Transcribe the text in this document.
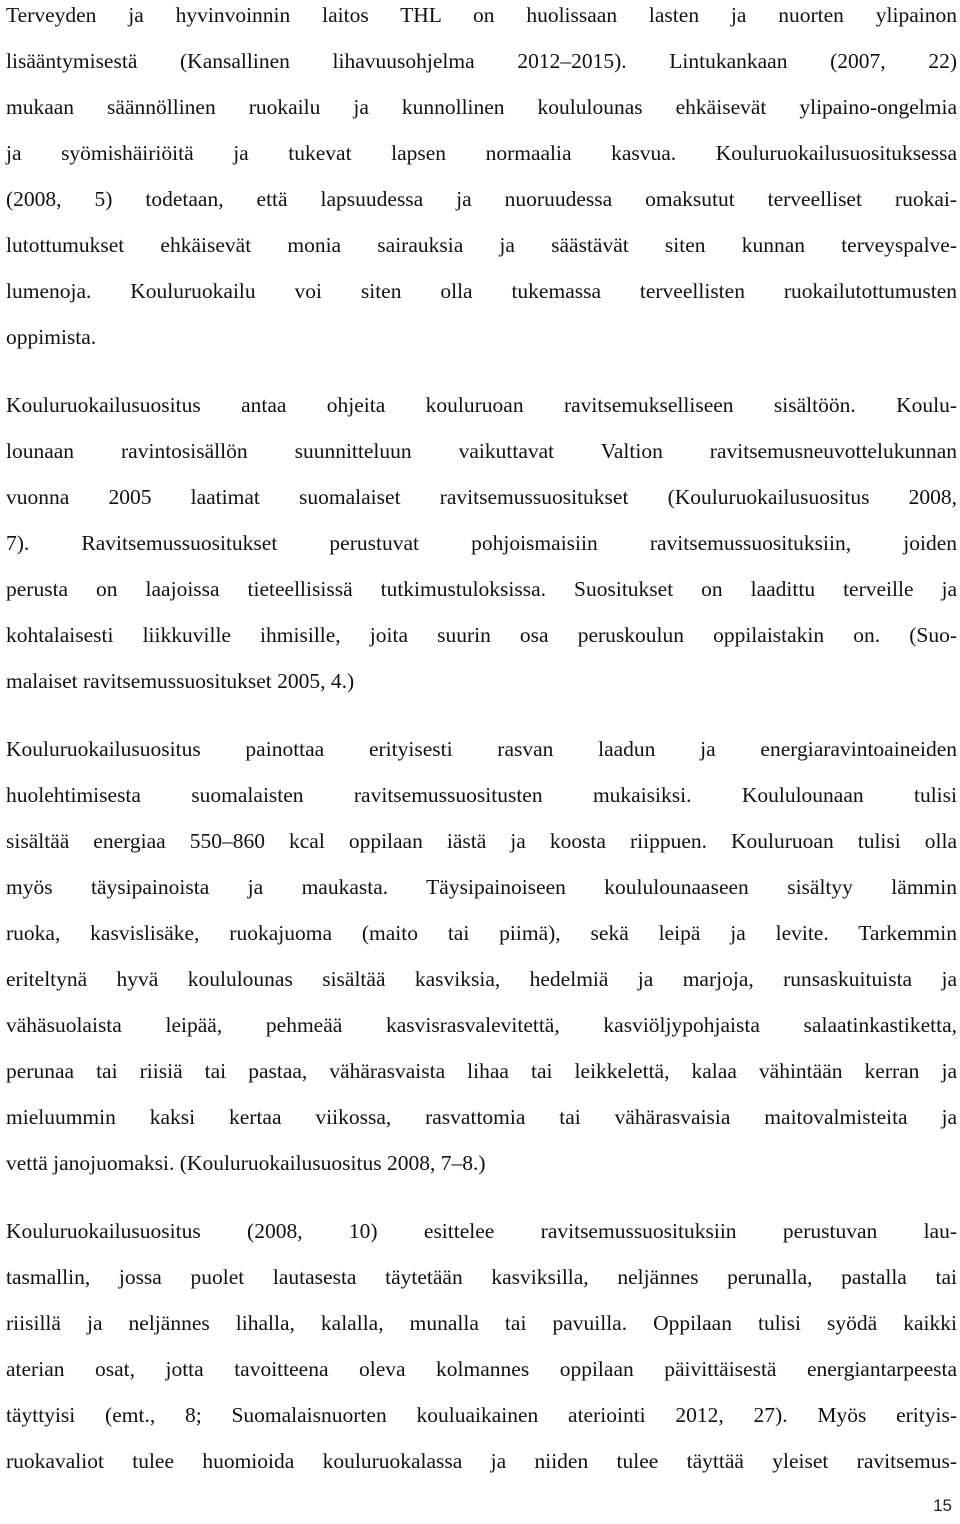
Terveyden ja hyvinvoinnin laitos THL on huolissaan lasten ja nuorten ylipainon
lisääntymisestä (Kansallinen lihavuusohjelma 2012–2015). Lintukankaan (2007, 22)
mukaan säännöllinen ruokailu ja kunnollinen koululounas ehkäisevät ylipaino-ongelmia
ja syömishäiriöitä ja tukevat lapsen normaalia kasvua. Kouluruokailusuosituksessa
(2008, 5) todetaan, että lapsuudessa ja nuoruudessa omaksutut terveelliset ruokai-
lutottumukset ehkäisevät monia sairauksia ja säästävät siten kunnan terveyspalve-
lumenoja. Kouluruokailu voi siten olla tukemassa terveellisten ruokailutottumusten
oppimista.
Kouluruokailusuositus antaa ohjeita kouluruoan ravitsemukselliseen sisältöön. Koulu-
lounaan ravintosisällön suunnitteluun vaikuttavat Valtion ravitsemusneuvottelukunnan
vuonna 2005 laatimat suomalaiset ravitsemussuositukset (Kouluruokailusuositus 2008,
7). Ravitsemussuositukset perustuvat pohjoismaisiin ravitsemussuosituksiin, joiden
perusta on laajoissa tieteellisissä tutkimustuloksissa. Suositukset on laadittu terveille ja
kohtalaisesti liikkuville ihmisille, joita suurin osa peruskoulun oppilaistakin on. (Suo-
malaiset ravitsemussuositukset 2005, 4.)
Kouluruokailusuositus painottaa erityisesti rasvan laadun ja energiaravintoaineiden
huolehtimisesta suomalaisten ravitsemussuositusten mukaisiksi. Koululounaan tulisi
sisältää energiaa 550–860 kcal oppilaan iästä ja koosta riippuen. Kouluruoan tulisi olla
myös täysipainoista ja maukasta. Täysipainoiseen koululounaaseen sisältyy lämmin
ruoka, kasvislisäke, ruokajuoma (maito tai piimä), sekä leipä ja levite. Tarkemmin
eriteltynä hyvä koululounas sisältää kasviksia, hedelmiä ja marjoja, runsaskuituista ja
vähäsuolaista leipää, pehmeää kasvisrasvalevitettä, kasviöljypohjaista salaatinkastiketta,
perunaa tai riisiä tai pastaa, vähärasvaista lihaa tai leikkelettä, kalaa vähintään kerran ja
mieluummin kaksi kertaa viikossa, rasvattomia tai vähärasvaisia maitovalmisteita ja
vettä janojuomaksi. (Kouluruokailusuositus 2008, 7–8.)
Kouluruokailusuositus (2008, 10) esittelee ravitsemussuosituksiin perustuvan lau-
tasmallin, jossa puolet lautasesta täytetään kasviksilla, neljännes perunalla, pastalla tai
riisillä ja neljännes lihalla, kalalla, munalla tai pavuilla. Oppilaan tulisi syödä kaikki
aterian osat, jotta tavoitteena oleva kolmannes oppilaan päivittäisestä energiantarpeesta
täyttyisi (emt., 8; Suomalaisnuorten kouluaikainen ateriointi 2012, 27). Myös erityis-
ruokavaliot tulee huomioida kouluruokalassa ja niiden tulee täyttää yleiset ravitsemus-
15
